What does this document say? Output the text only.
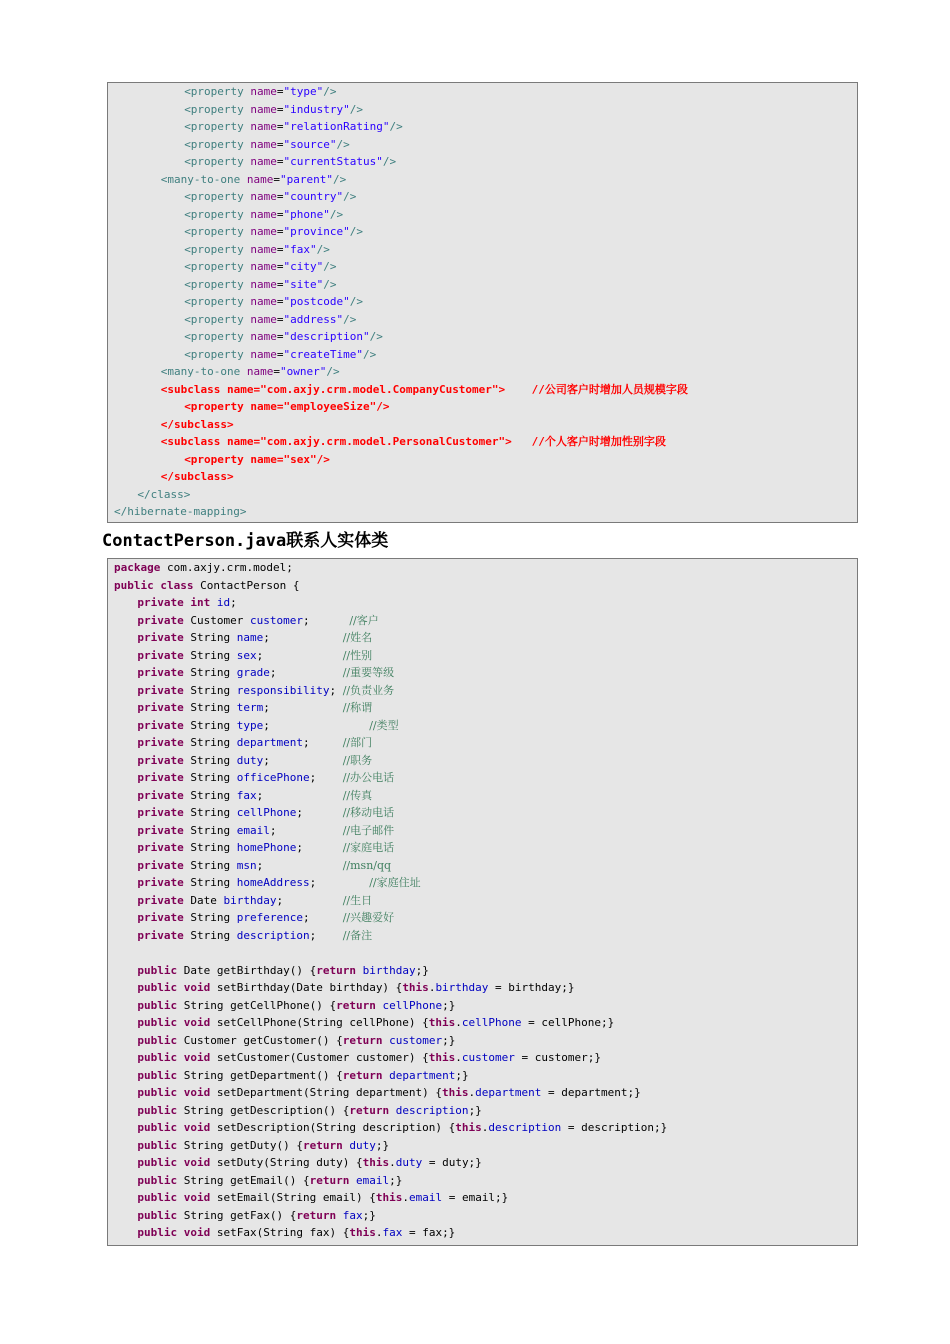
<property name="type"/>
<property name="industry"/>
<property name="relationRating"/>
<property name="source"/>
<property name="currentStatus"/>
<many-to-one name="parent"/>
<property name="country"/>
<property name="phone"/>
<property name="province"/>
<property name="fax"/>
<property name="city"/>
<property name="site"/>
<property name="postcode"/>
<property name="address"/>
<property name="description"/>
<property name="createTime"/>
<many-to-one name="owner"/>
<subclass name="com.axjy.crm.model.CompanyCustomer">    //公司客户时增加人员规模字段
<property name="employeeSize"/>
</subclass>
<subclass name="com.axjy.crm.model.PersonalCustomer">   //个人客户时增加性别字段
<property name="sex"/>
</subclass>
</class>
</hibernate-mapping>
ContactPerson.java联系人实体类
package com.axjy.crm.model;
public class ContactPerson {
private int id;
private Customer customer;      //客户
private String name;           //姓名
private String sex;            //性别
private String grade;          //重要等级
private String responsibility; //负责业务
private String term;           //称谓
private String type;               //类型
private String department;     //部门
private String duty;           //职务
private String officePhone;    //办公电话
private String fax;            //传真
private String cellPhone;      //移动电话
private String email;          //电子邮件
private String homePhone;      //家庭电话
private String msn;            //msn/qq
private String homeAddress;        //家庭住址
private Date birthday;         //生日
private String preference;     //兴趣爱好
private String description;    //备注
public Date getBirthday() {return birthday;}
public void setBirthday(Date birthday) {this.birthday = birthday;}
public String getCellPhone() {return cellPhone;}
public void setCellPhone(String cellPhone) {this.cellPhone = cellPhone;}
public Customer getCustomer() {return customer;}
public void setCustomer(Customer customer) {this.customer = customer;}
public String getDepartment() {return department;}
public void setDepartment(String department) {this.department = department;}
public String getDescription() {return description;}
public void setDescription(String description) {this.description = description;}
public String getDuty() {return duty;}
public void setDuty(String duty) {this.duty = duty;}
public String getEmail() {return email;}
public void setEmail(String email) {this.email = email;}
public String getFax() {return fax;}
public void setFax(String fax) {this.fax = fax;}
